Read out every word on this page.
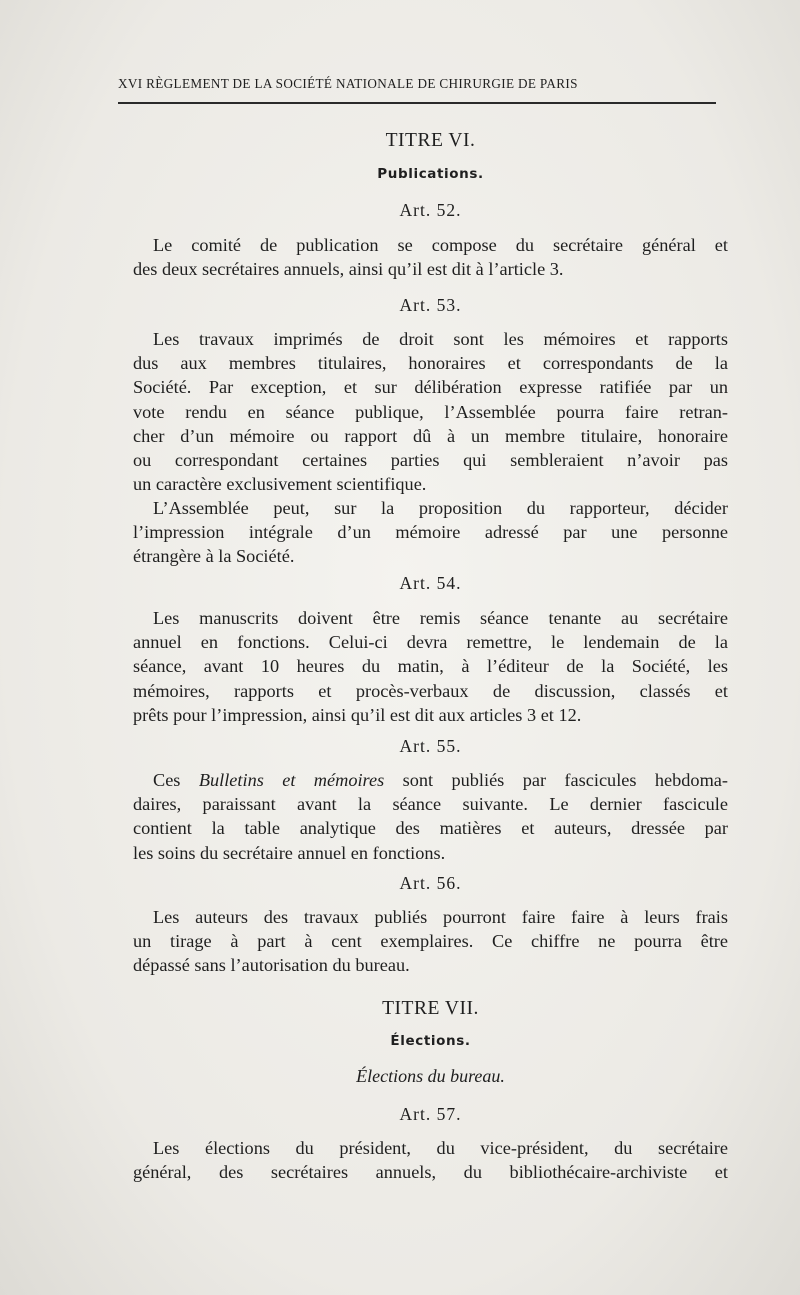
XVI RÈGLEMENT DE LA SOCIÉTÉ NATIONALE DE CHIRURGIE DE PARIS
TITRE VI.
Publications.
Art. 52.
Le comité de publication se compose du secrétaire général et
des deux secrétaires annuels, ainsi qu’il est dit à l’article 3.
Art. 53.
Les travaux imprimés de droit sont les mémoires et rapports
dus aux membres titulaires, honoraires et correspondants de la
Société. Par exception, et sur délibération expresse ratifiée par un
vote rendu en séance publique, l’Assemblée pourra faire retran-
cher d’un mémoire ou rapport dû à un membre titulaire, honoraire
ou correspondant certaines parties qui sembleraient n’avoir pas
un caractère exclusivement scientifique.
L’Assemblée peut, sur la proposition du rapporteur, décider
l’impression intégrale d’un mémoire adressé par une personne
étrangère à la Société.
Art. 54.
Les manuscrits doivent être remis séance tenante au secrétaire
annuel en fonctions. Celui-ci devra remettre, le lendemain de la
séance, avant 10 heures du matin, à l’éditeur de la Société, les
mémoires, rapports et procès-verbaux de discussion, classés et
prêts pour l’impression, ainsi qu’il est dit aux articles 3 et 12.
Art. 55.
Ces Bulletins et mémoires sont publiés par fascicules hebdoma-
daires, paraissant avant la séance suivante. Le dernier fascicule
contient la table analytique des matières et auteurs, dressée par
les soins du secrétaire annuel en fonctions.
Art. 56.
Les auteurs des travaux publiés pourront faire faire à leurs frais
un tirage à part à cent exemplaires. Ce chiffre ne pourra être
dépassé sans l’autorisation du bureau.
TITRE VII.
Élections.
Élections du bureau.
Art. 57.
Les élections du président, du vice-président, du secrétaire
général, des secrétaires annuels, du bibliothécaire-archiviste et
